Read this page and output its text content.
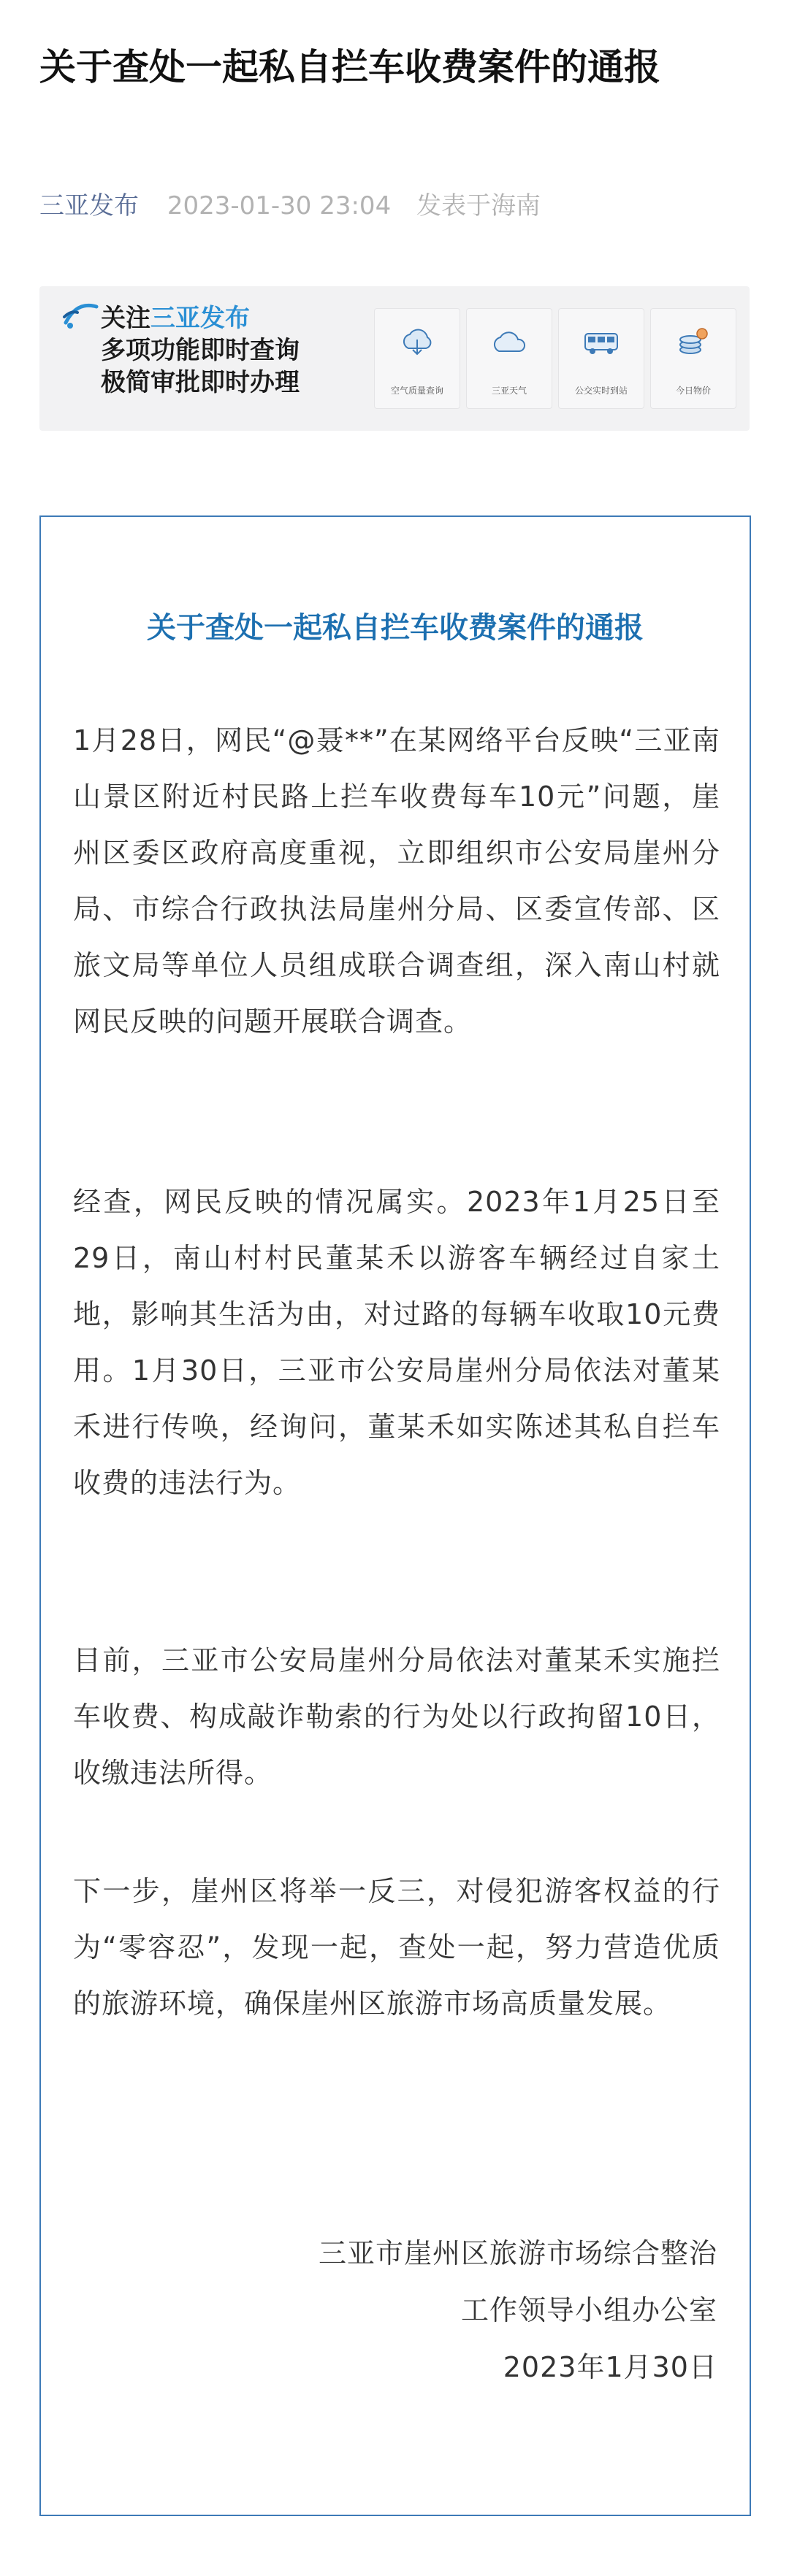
关于查处一起私自拦车收费案件的通报
三亚发布 2023-01-30 23:04 发表于海南
关注三亚发布
多项功能即时查询
极简审批即时办理	空气质量查询	三亚天气	公交实时到站	今日物价
关于查处一起私自拦车收费案件的通报

1月28日，网民“@聂**”在某网络平台反映“三亚南山景区附近村民路上拦车收费每车10元”问题，崖州区委区政府高度重视，立即组织市公安局崖州分局、市综合行政执法局崖州分局、区委宣传部、区旅文局等单位人员组成联合调查组，深入南山村就网民反映的问题开展联合调查。

经查，网民反映的情况属实。2023年1月25日至29日，南山村村民董某禾以游客车辆经过自家土地，影响其生活为由，对过路的每辆车收取10元费用。1月30日，三亚市公安局崖州分局依法对董某禾进行传唤，经询问，董某禾如实陈述其私自拦车收费的违法行为。

目前，三亚市公安局崖州分局依法对董某禾实施拦车收费、构成敲诈勒索的行为处以行政拘留10日，收缴违法所得。

下一步，崖州区将举一反三，对侵犯游客权益的行为“零容忍”，发现一起，查处一起，努力营造优质的旅游环境，确保崖州区旅游市场高质量发展。

三亚市崖州区旅游市场综合整治
工作领导小组办公室
2023年1月30日
